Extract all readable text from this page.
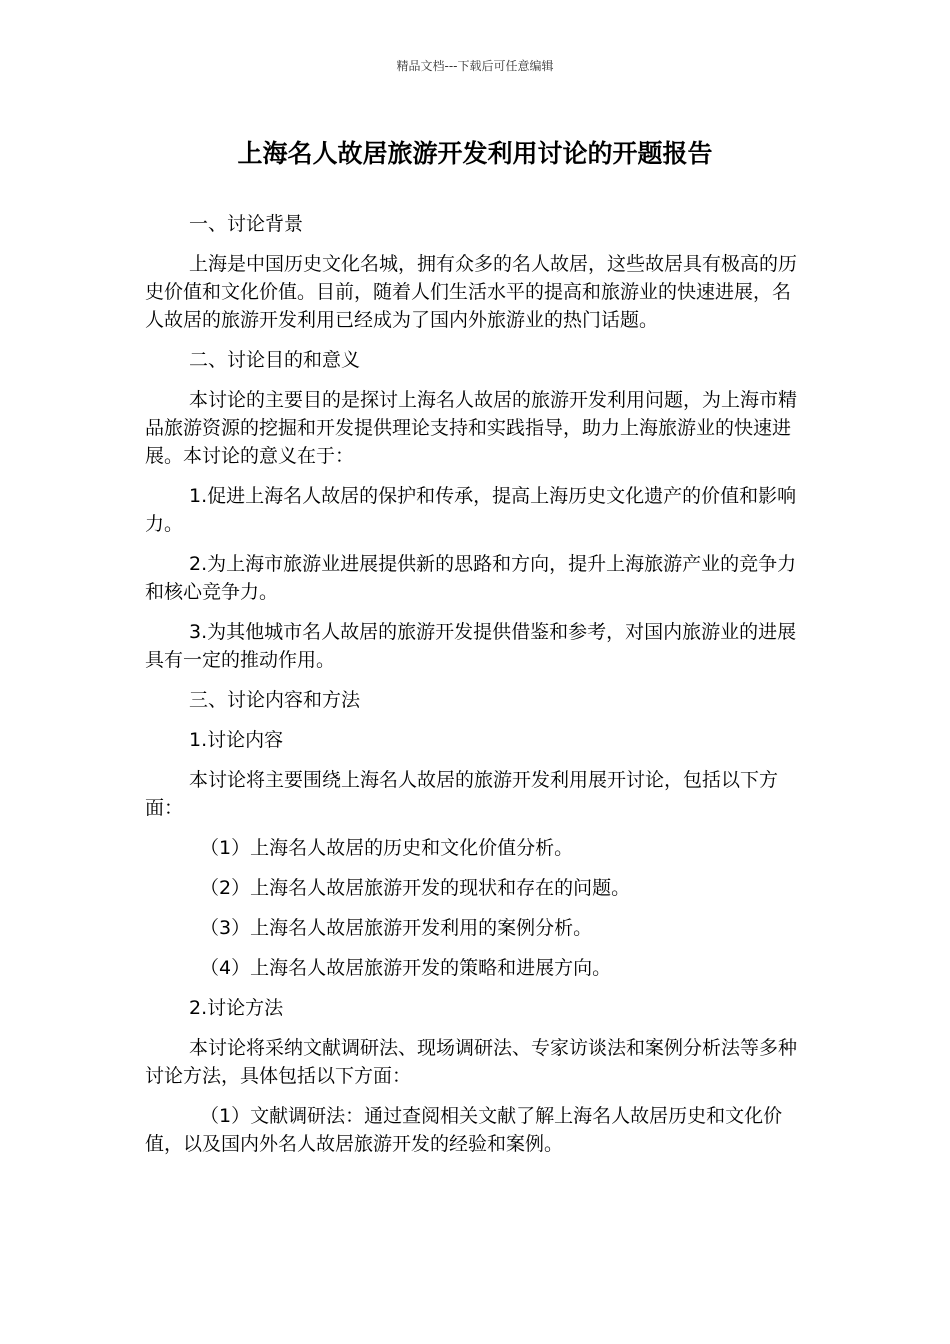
精品文档---下载后可任意编辑
上海名人故居旅游开发利用讨论的开题报告

一、讨论背景

上海是中国历史文化名城，拥有众多的名人故居，这些故居具有极高的历史价值和文化价值。目前，随着人们生活水平的提高和旅游业的快速进展，名人故居的旅游开发利用已经成为了国内外旅游业的热门话题。

二、讨论目的和意义

本讨论的主要目的是探讨上海名人故居的旅游开发利用问题，为上海市精品旅游资源的挖掘和开发提供理论支持和实践指导，助力上海旅游业的快速进展。本讨论的意义在于：

1.促进上海名人故居的保护和传承，提高上海历史文化遗产的价值和影响力。

2.为上海市旅游业进展提供新的思路和方向，提升上海旅游产业的竞争力和核心竞争力。

3.为其他城市名人故居的旅游开发提供借鉴和参考，对国内旅游业的进展具有一定的推动作用。

三、讨论内容和方法

1.讨论内容

本讨论将主要围绕上海名人故居的旅游开发利用展开讨论，包括以下方面：

（1）上海名人故居的历史和文化价值分析。

（2）上海名人故居旅游开发的现状和存在的问题。

（3）上海名人故居旅游开发利用的案例分析。

（4）上海名人故居旅游开发的策略和进展方向。

2.讨论方法

本讨论将采纳文献调研法、现场调研法、专家访谈法和案例分析法等多种讨论方法，具体包括以下方面：

（1）文献调研法：通过查阅相关文献了解上海名人故居历史和文化价值，以及国内外名人故居旅游开发的经验和案例。
